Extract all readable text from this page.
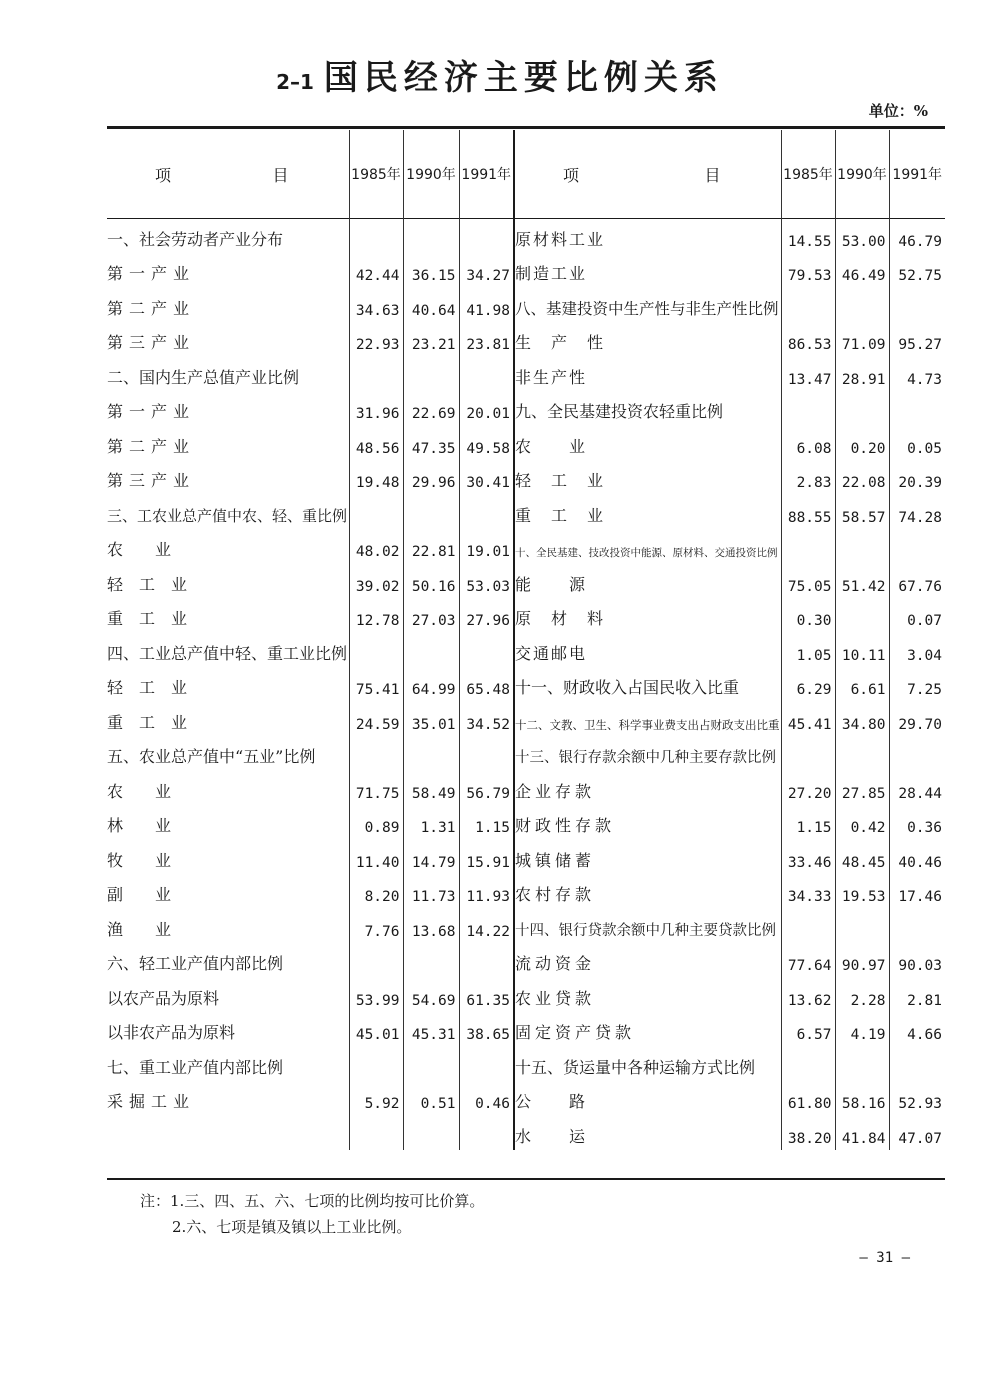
2–1 国民经济主要比例关系
单位：%
项 目	1985年	1990年	1991年	项 目	1985年	1990年	1991年
一、社会劳动者产业分布				原材料工业	14.55	53.00	46.79
第一产业	42.44	36.15	34.27	制造工业	79.53	46.49	52.75
第二产业	34.63	40.64	41.98	八、基建投资中生产性与非生产性比例			
第三产业	22.93	23.21	23.81	生　产　性	86.53	71.09	95.27
二、国内生产总值产业比例				非生产性	13.47	28.91	4.73
第一产业	31.96	22.69	20.01	九、全民基建投资农轻重比例			
第二产业	48.56	47.35	49.58	农　　业	6.08	0.20	0.05
第三产业	19.48	29.96	30.41	轻　工　业	2.83	22.08	20.39
三、工农业总产值中农、轻、重比例				重　工　业	88.55	58.57	74.28
农　　业	48.02	22.81	19.01	十、全民基建、技改投资中能源、原材料、交通投资比例			
轻　工　业	39.02	50.16	53.03	能　　源	75.05	51.42	67.76
重　工　业	12.78	27.03	27.96	原　材　料	0.30		0.07
四、工业总产值中轻、重工业比例				交通邮电	1.05	10.11	3.04
轻　工　业	75.41	64.99	65.48	十一、财政收入占国民收入比重	6.29	6.61	7.25
重　工　业	24.59	35.01	34.52	十二、文教、卫生、科学事业费支出占财政支出比重	45.41	34.80	29.70
五、农业总产值中“五业”比例				十三、银行存款余额中几种主要存款比例			
农　　业	71.75	58.49	56.79	企业存款	27.20	27.85	28.44
林　　业	0.89	1.31	1.15	财政性存款	1.15	0.42	0.36
牧　　业	11.40	14.79	15.91	城镇储蓄	33.46	48.45	40.46
副　　业	8.20	11.73	11.93	农村存款	34.33	19.53	17.46
渔　　业	7.76	13.68	14.22	十四、银行贷款余额中几种主要贷款比例			
六、轻工业产值内部比例				流动资金	77.64	90.97	90.03
以农产品为原料	53.99	54.69	61.35	农业贷款	13.62	2.28	2.81
以非农产品为原料	45.01	45.31	38.65	固定资产贷款	6.57	4.19	4.66
七、重工业产值内部比例				十五、货运量中各种运输方式比例			
采掘工业	5.92	0.51	0.46	公　　路	61.80	58.16	52.93
				水　　运	38.20	41.84	47.07
注：1.三、四、五、六、七项的比例均按可比价算。
2.六、七项是镇及镇以上工业比例。
— 31 —
